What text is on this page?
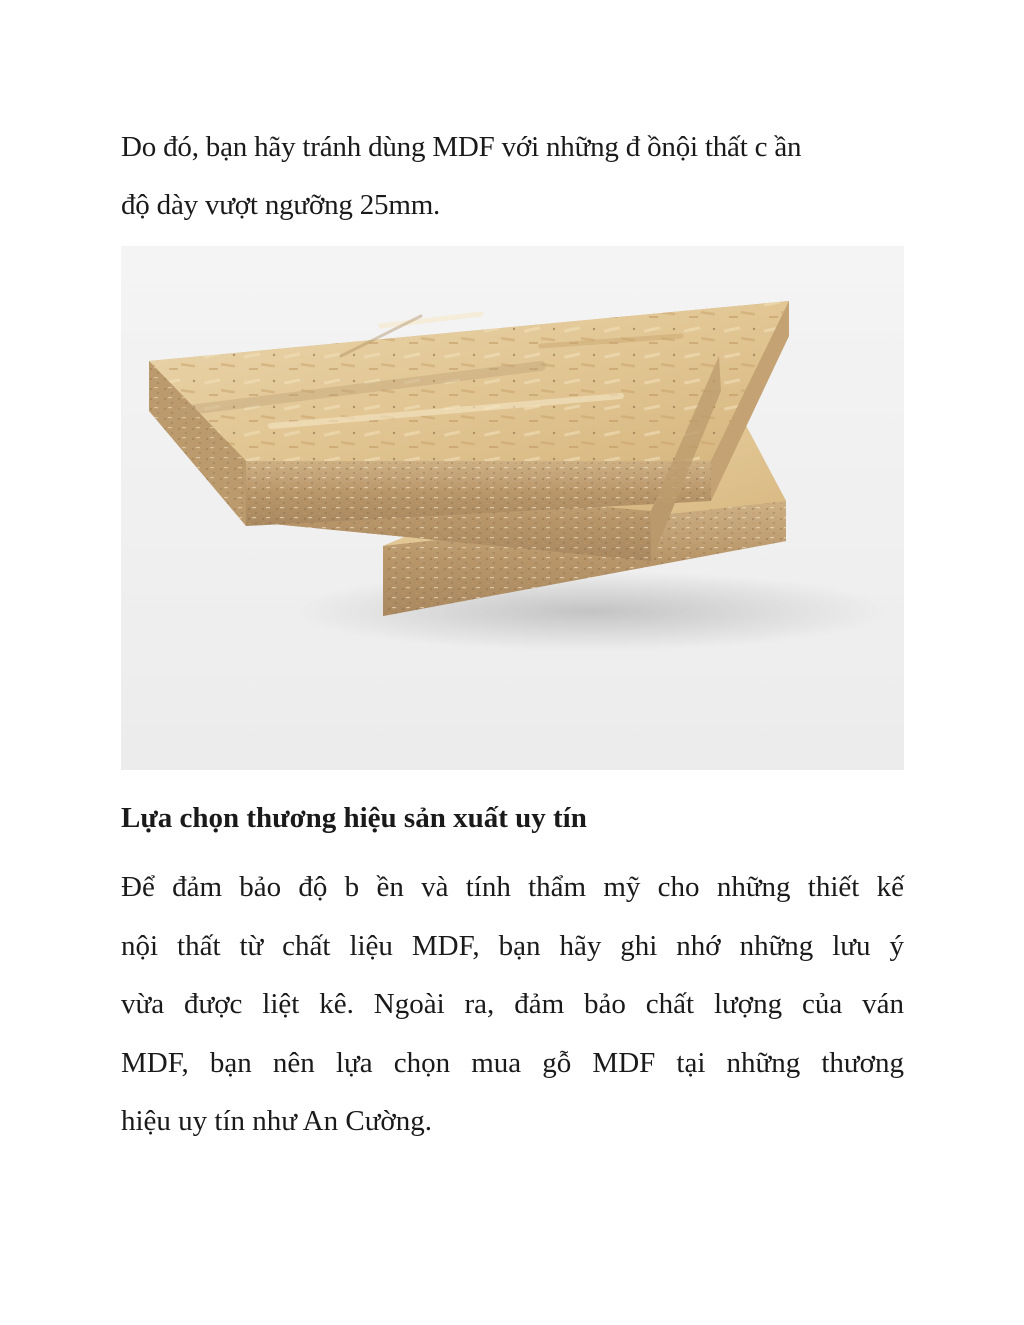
Do đó, bạn hãy tránh dùng MDF với những đ ồnội thất c ần
độ dày vượt ngưỡng 25mm.

Lựa chọn thương hiệu sản xuất uy tín

Để đảm bảo độ b ền và tính thẩm mỹ cho những thiết kế
nội thất từ chất liệu MDF, bạn hãy ghi nhớ những lưu ý
vừa được liệt kê. Ngoài ra, đảm bảo chất lượng của ván
MDF, bạn nên lựa chọn mua gỗ MDF tại những thương
hiệu uy tín như An Cường.
